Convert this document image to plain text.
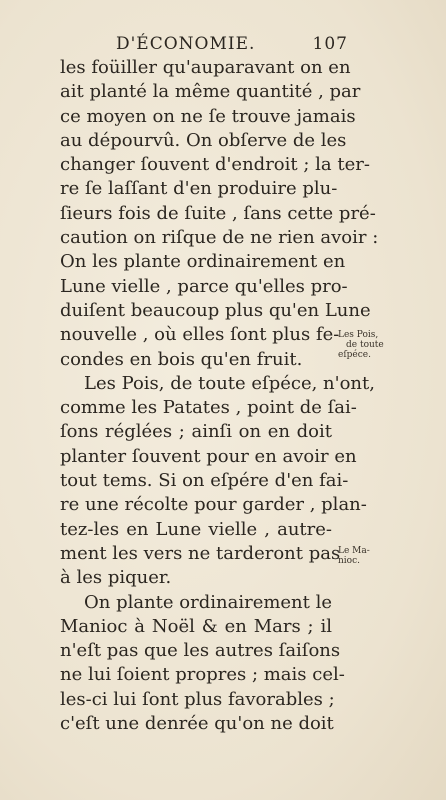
D'ÉCONOMIE.	107
les foüiller qu'auparavant on en
ait planté la même quantité , par
ce moyen on ne ſe trouve jamais
au dépourvû. On obſerve de les
changer ſouvent d'endroit ; la ter-
re ſe laſſant d'en produire plu-
ſieurs fois de ſuite , ſans cette pré-
caution on riſque de ne rien avoir :
On les plante ordinairement en
Lune vielle , parce qu'elles pro-
duiſent beaucoup plus qu'en Lune
nouvelle , où elles ſont plus fe-
condes en bois qu'en fruit.
Les Pois, de toute eſpéce, n'ont,
comme les Patates , point de ſai-
ſons réglées ; ainſi on en doit
planter ſouvent pour en avoir en
tout tems. Si on eſpére d'en fai-
re une récolte pour garder , plan-
tez-les en Lune vielle , autre-
ment les vers ne tarderont pas
à les piquer.
On plante ordinairement le
Manioc à Noël & en Mars ; il
n'eſt pas que les autres ſaiſons
ne lui ſoient propres ; mais cel-
les-ci lui ſont plus favorables ;
c'eſt une denrée qu'on ne doit
Les Pois,
de toute
eſpéce.
Le Ma-
nioc.
